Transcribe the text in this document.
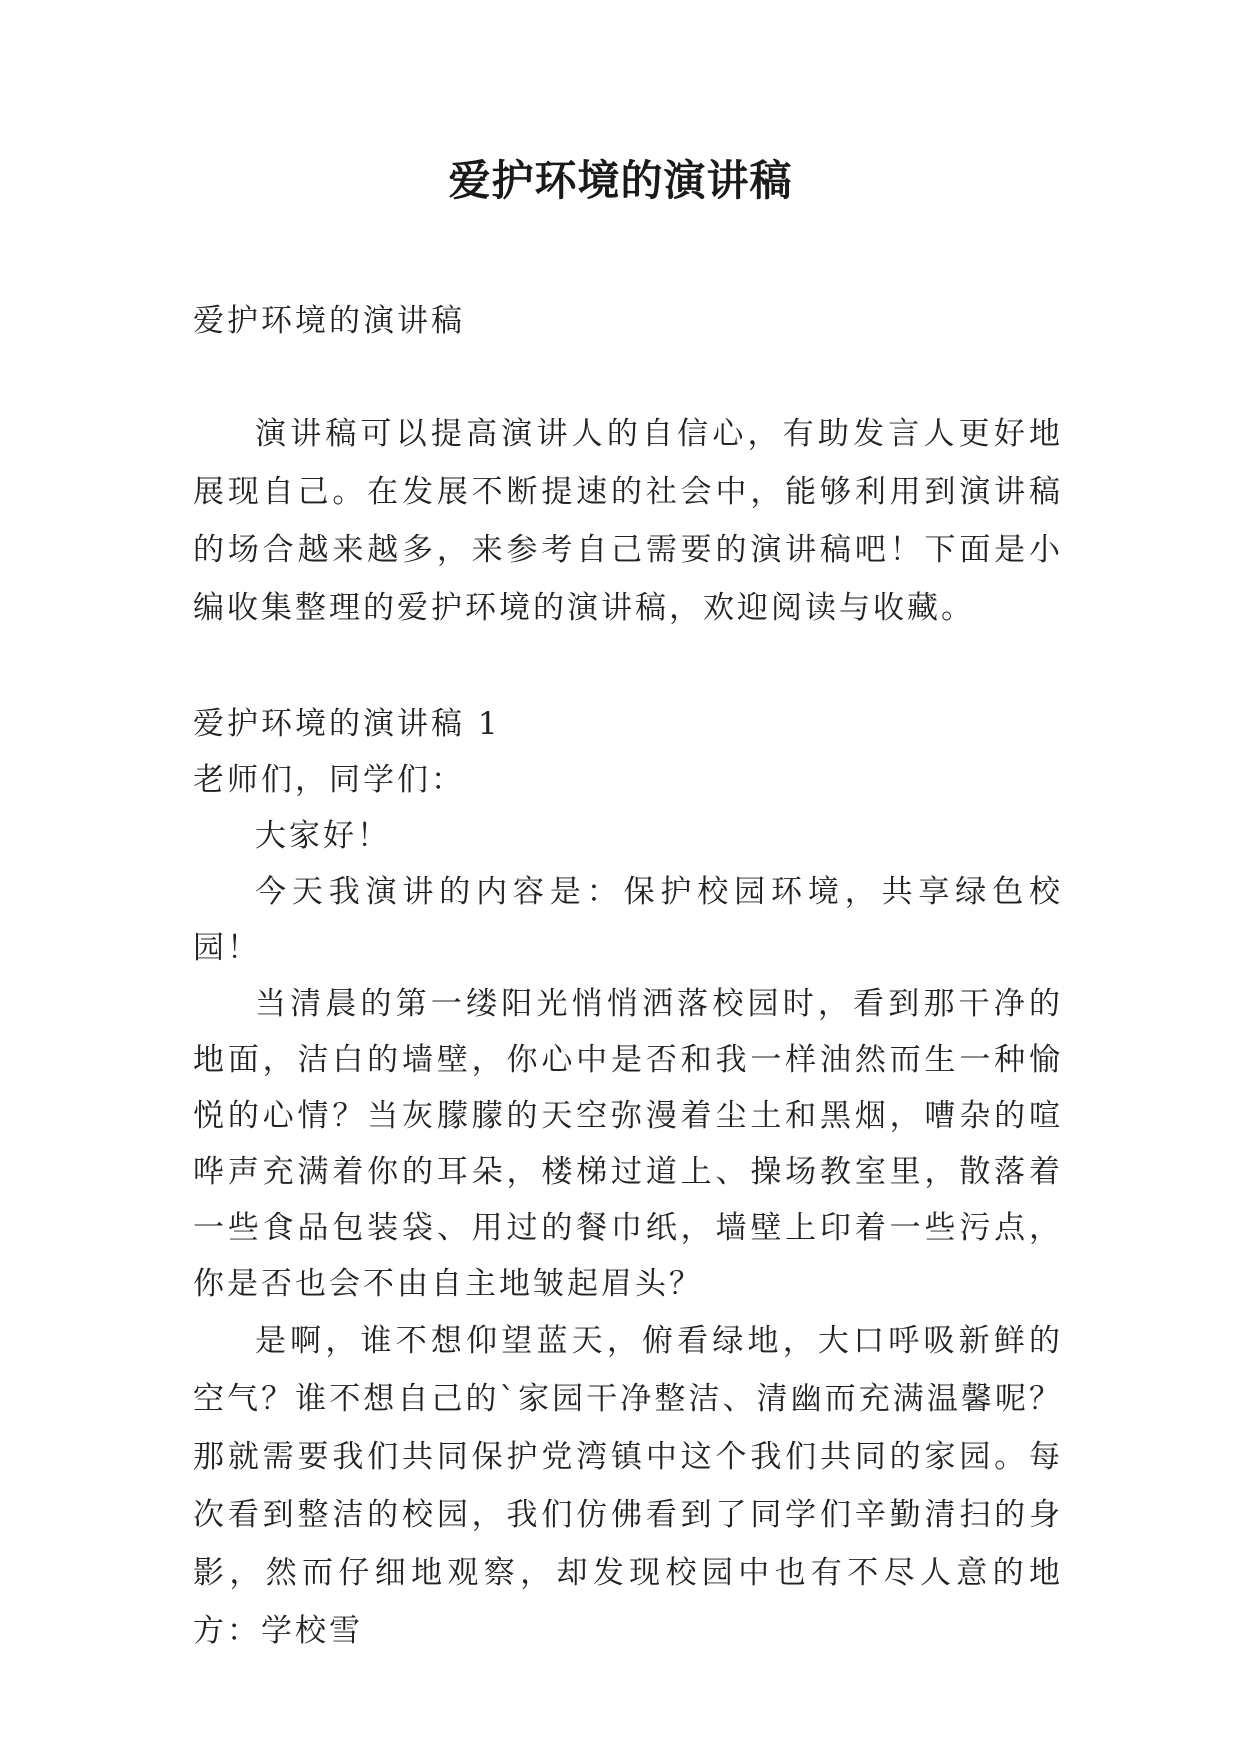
爱护环境的演讲稿

爱护环境的演讲稿

演讲稿可以提高演讲人的自信心，有助发言人更好地展现自己。在发展不断提速的社会中，能够利用到演讲稿的场合越来越多，来参考自己需要的演讲稿吧！下面是小编收集整理的爱护环境的演讲稿，欢迎阅读与收藏。

爱护环境的演讲稿 1

老师们，同学们：

大家好！

今天我演讲的内容是：保护校园环境，共享绿色校园！

当清晨的第一缕阳光悄悄洒落校园时，看到那干净的地面，洁白的墙壁，你心中是否和我一样油然而生一种愉悦的心情？当灰朦朦的天空弥漫着尘土和黑烟，嘈杂的喧哗声充满着你的耳朵，楼梯过道上、操场教室里，散落着一些食品包装袋、用过的餐巾纸，墙壁上印着一些污点，你是否也会不由自主地皱起眉头？

是啊，谁不想仰望蓝天，俯看绿地，大口呼吸新鲜的空气？谁不想自己的`家园干净整洁、清幽而充满温馨呢？那就需要我们共同保护党湾镇中这个我们共同的家园。每次看到整洁的校园，我们仿佛看到了同学们辛勤清扫的身影，然而仔细地观察，却发现校园中也有不尽人意的地方：学校雪
